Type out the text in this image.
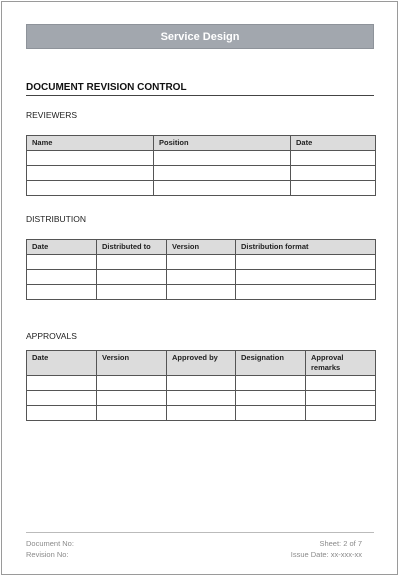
Service Design
DOCUMENT REVISION CONTROL
REVIEWERS
Name	Position	Date

DISTRIBUTION
Date	Distributed to	Version	Distribution format

APPROVALS
Date	Version	Approved by	Designation	Approval remarks

Document No:
Revision No:
Sheet: 2 of 7
Issue Date: xx-xxx-xx
